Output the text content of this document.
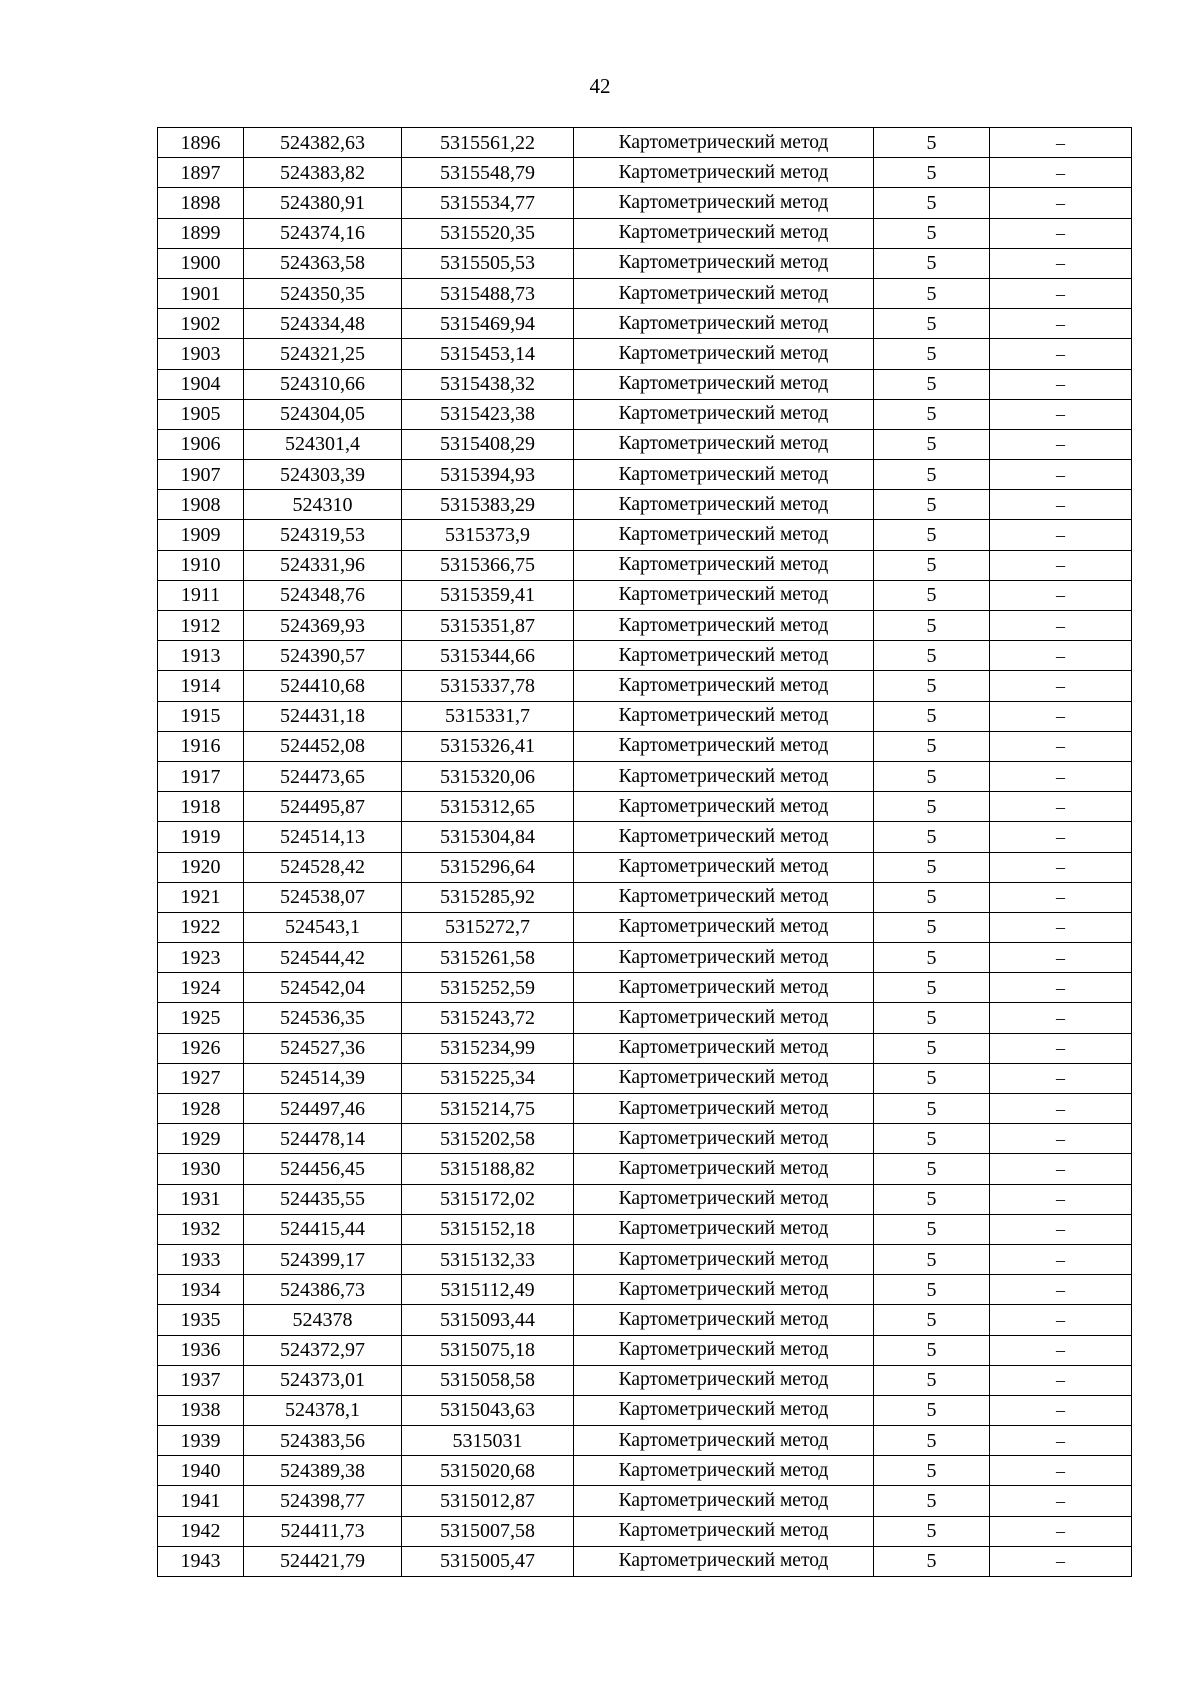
42
1896	524382,63	5315561,22	Картометрический метод	5	–
1897	524383,82	5315548,79	Картометрический метод	5	–
1898	524380,91	5315534,77	Картометрический метод	5	–
1899	524374,16	5315520,35	Картометрический метод	5	–
1900	524363,58	5315505,53	Картометрический метод	5	–
1901	524350,35	5315488,73	Картометрический метод	5	–
1902	524334,48	5315469,94	Картометрический метод	5	–
1903	524321,25	5315453,14	Картометрический метод	5	–
1904	524310,66	5315438,32	Картометрический метод	5	–
1905	524304,05	5315423,38	Картометрический метод	5	–
1906	524301,4	5315408,29	Картометрический метод	5	–
1907	524303,39	5315394,93	Картометрический метод	5	–
1908	524310	5315383,29	Картометрический метод	5	–
1909	524319,53	5315373,9	Картометрический метод	5	–
1910	524331,96	5315366,75	Картометрический метод	5	–
1911	524348,76	5315359,41	Картометрический метод	5	–
1912	524369,93	5315351,87	Картометрический метод	5	–
1913	524390,57	5315344,66	Картометрический метод	5	–
1914	524410,68	5315337,78	Картометрический метод	5	–
1915	524431,18	5315331,7	Картометрический метод	5	–
1916	524452,08	5315326,41	Картометрический метод	5	–
1917	524473,65	5315320,06	Картометрический метод	5	–
1918	524495,87	5315312,65	Картометрический метод	5	–
1919	524514,13	5315304,84	Картометрический метод	5	–
1920	524528,42	5315296,64	Картометрический метод	5	–
1921	524538,07	5315285,92	Картометрический метод	5	–
1922	524543,1	5315272,7	Картометрический метод	5	–
1923	524544,42	5315261,58	Картометрический метод	5	–
1924	524542,04	5315252,59	Картометрический метод	5	–
1925	524536,35	5315243,72	Картометрический метод	5	–
1926	524527,36	5315234,99	Картометрический метод	5	–
1927	524514,39	5315225,34	Картометрический метод	5	–
1928	524497,46	5315214,75	Картометрический метод	5	–
1929	524478,14	5315202,58	Картометрический метод	5	–
1930	524456,45	5315188,82	Картометрический метод	5	–
1931	524435,55	5315172,02	Картометрический метод	5	–
1932	524415,44	5315152,18	Картометрический метод	5	–
1933	524399,17	5315132,33	Картометрический метод	5	–
1934	524386,73	5315112,49	Картометрический метод	5	–
1935	524378	5315093,44	Картометрический метод	5	–
1936	524372,97	5315075,18	Картометрический метод	5	–
1937	524373,01	5315058,58	Картометрический метод	5	–
1938	524378,1	5315043,63	Картометрический метод	5	–
1939	524383,56	5315031	Картометрический метод	5	–
1940	524389,38	5315020,68	Картометрический метод	5	–
1941	524398,77	5315012,87	Картометрический метод	5	–
1942	524411,73	5315007,58	Картометрический метод	5	–
1943	524421,79	5315005,47	Картометрический метод	5	–
